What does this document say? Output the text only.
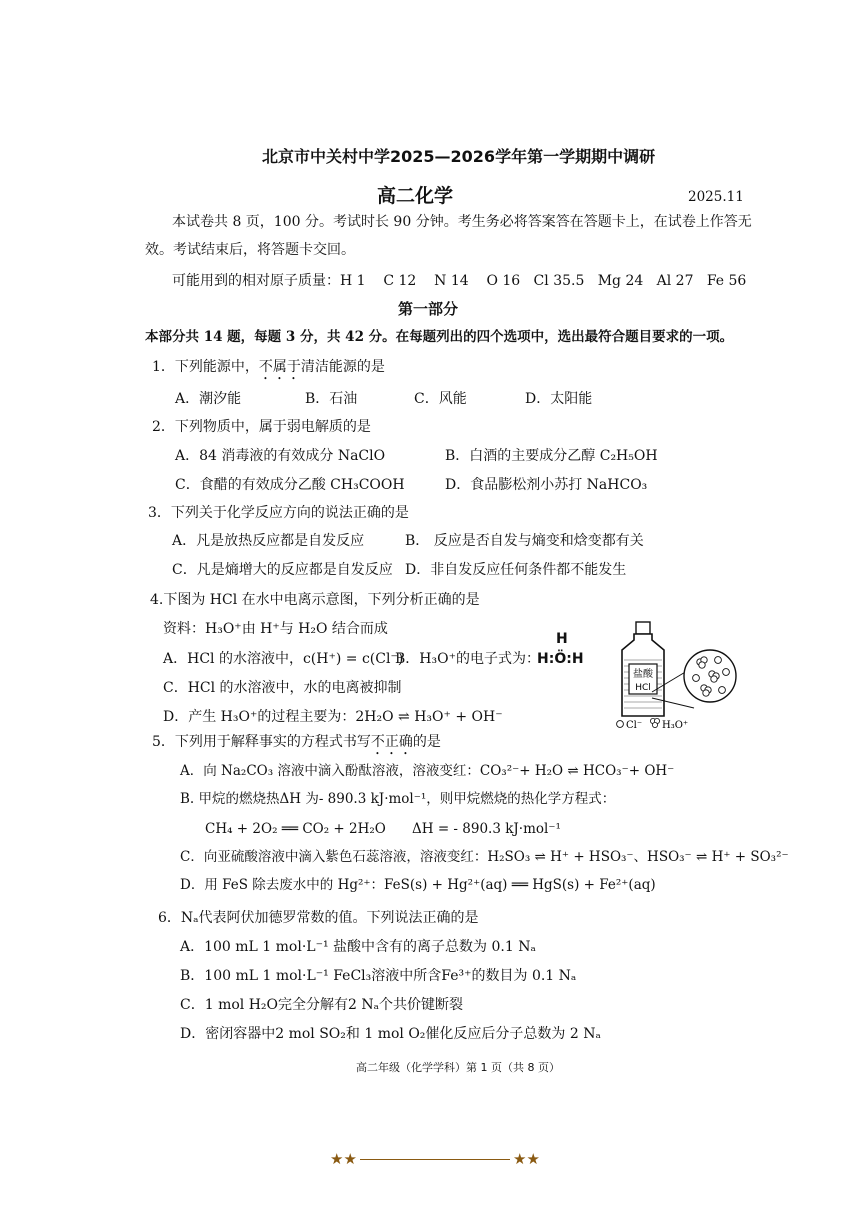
北京市中关村中学2025—2026学年第一学期期中调研
高二化学	2025.11
本试卷共 8 页，100 分。考试时长 90 分钟。考生务必将答案答在答题卡上，在试卷上作答无
效。考试结束后，将答题卡交回。
可能用到的相对原子质量：H 1    C 12    N 14    O 16   Cl 35.5   Mg 24   Al 27   Fe 56
第一部分
本部分共 14 题，每题 3 分，共 42 分。在每题列出的四个选项中，选出最符合题目要求的一项。
1．下列能源中，不属于清洁能源的是
A．潮汐能	B．石油	C．风能	D．太阳能
2．下列物质中，属于弱电解质的是
A．84 消毒液的有效成分 NaClO	B．白酒的主要成分乙醇 C₂H₅OH
C．食醋的有效成分乙酸 CH₃COOH	D．食品膨松剂小苏打 NaHCO₃
3．下列关于化学反应方向的说法正确的是
A．凡是放热反应都是自发反应	B． 反应是否自发与熵变和焓变都有关
C．凡是熵增大的反应都是自发反应 D．非自发反应任何条件都不能发生
4.下图为 HCl 在水中电离示意图，下列分析正确的是
资料：H₃O⁺由 H⁺与 H₂O 结合而成
A．HCl 的水溶液中，c(H⁺) = c(Cl⁻)
B．H₃O⁺的电子式为：
H
H:Ö:H
C．HCl 的水溶液中，水的电离被抑制
D．产生 H₃O⁺的过程主要为：2H₂O ⇌ H₃O⁺ + OH⁻
盐酸
HCl
Cl⁻ H₃O⁺
5．下列用于解释事实的方程式书写不正确的是
A．向 Na₂CO₃ 溶液中滴入酚酞溶液，溶液变红：CO₃²⁻+ H₂O ⇌ HCO₃⁻+ OH⁻
B. 甲烷的燃烧热ΔH 为- 890.3 kJ·mol⁻¹，则甲烷燃烧的热化学方程式：
CH₄ + 2O₂ ══ CO₂ + 2H₂O ΔH = - 890.3 kJ·mol⁻¹
C．向亚硫酸溶液中滴入紫色石蕊溶液，溶液变红：H₂SO₃ ⇌ H⁺ + HSO₃⁻、HSO₃⁻ ⇌ H⁺ + SO₃²⁻
D．用 FeS 除去废水中的 Hg²⁺：FeS(s) + Hg²⁺(aq) ══ HgS(s) + Fe²⁺(aq)
6．Nₐ代表阿伏加德罗常数的值。下列说法正确的是
A．100 mL 1 mol·L⁻¹ 盐酸中含有的离子总数为 0.1 Nₐ
B．100 mL 1 mol·L⁻¹ FeCl₃溶液中所含Fe³⁺的数目为 0.1 Nₐ
C．1 mol H₂O完全分解有2 Nₐ个共价键断裂
D．密闭容器中2 mol SO₂和 1 mol O₂催化反应后分子总数为 2 Nₐ
高二年级（化学学科）第 1 页（共 8 页）
★★	★★
